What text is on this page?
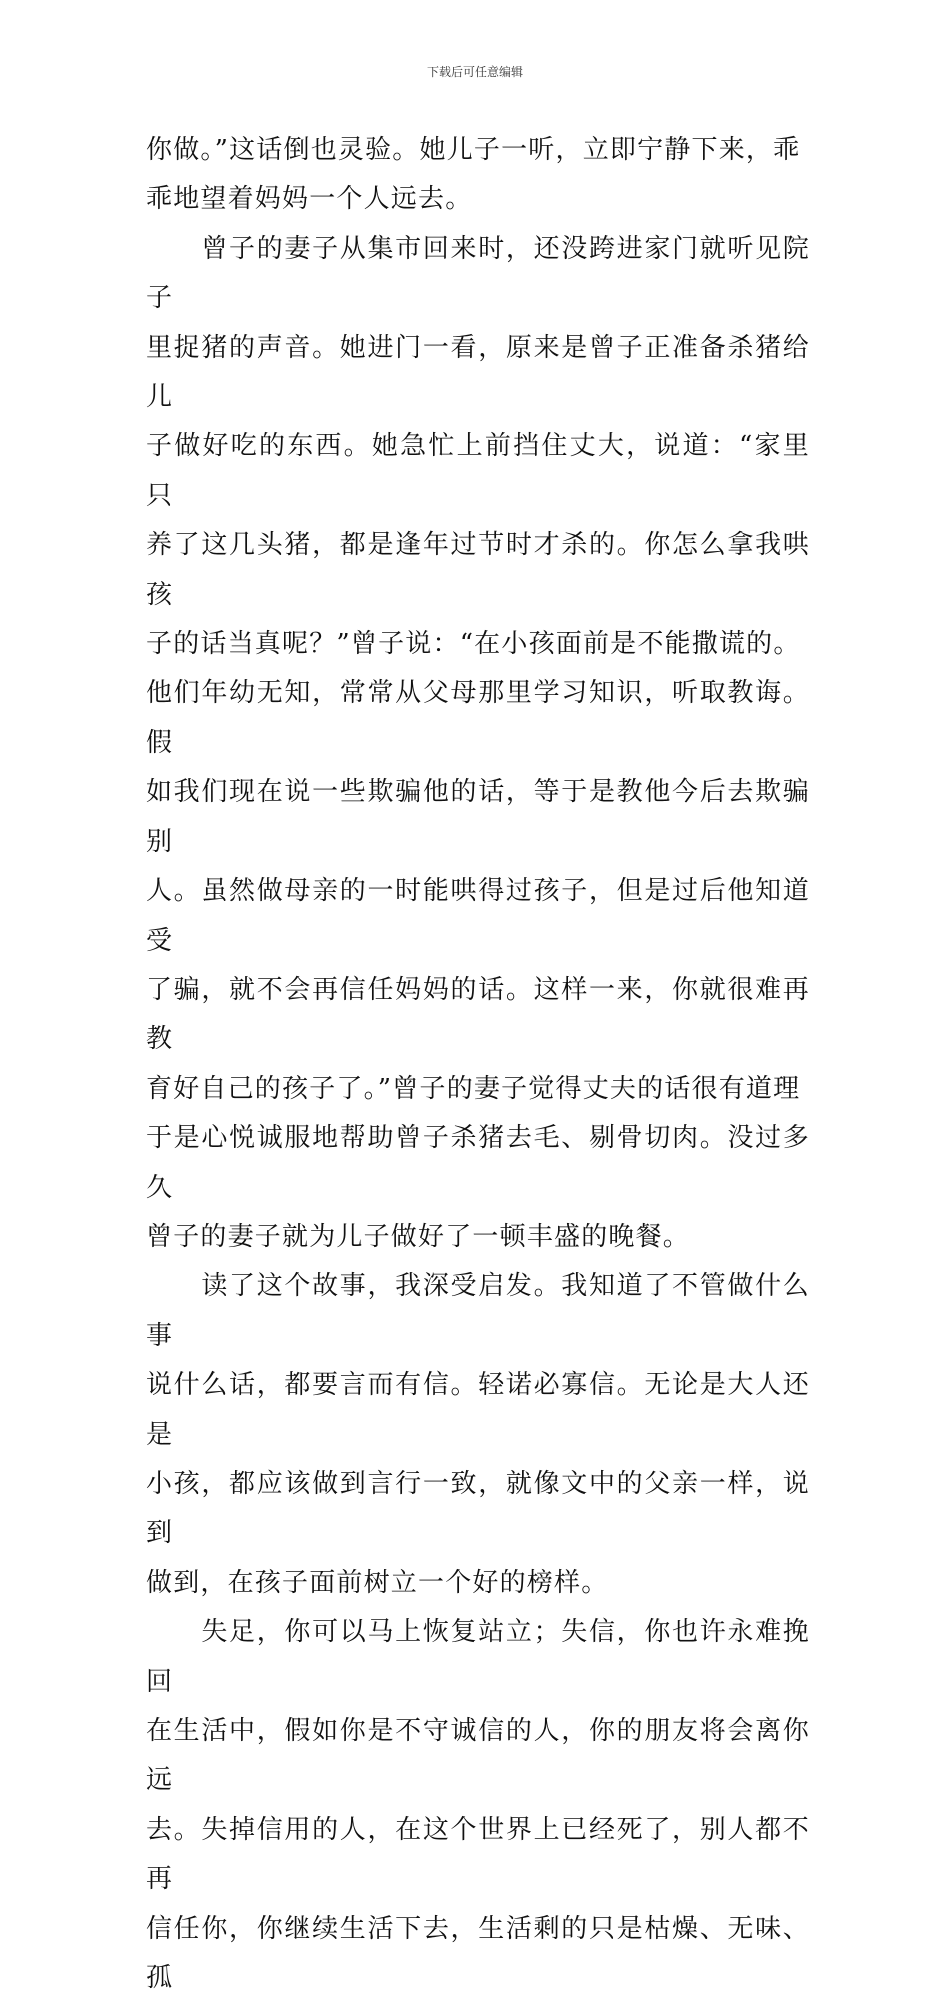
下载后可任意编辑

你做。”这话倒也灵验。她儿子一听，立即宁静下来，乖
乖地望着妈妈一个人远去。

　　曾子的妻子从集市回来时，还没跨进家门就听见院子
里捉猪的声音。她进门一看，原来是曾子正准备杀猪给儿
子做好吃的东西。她急忙上前挡住丈大，说道：“家里只
养了这几头猪，都是逢年过节时才杀的。你怎么拿我哄孩
子的话当真呢？”曾子说：“在小孩面前是不能撒谎的。
他们年幼无知，常常从父母那里学习知识，听取教诲。假
如我们现在说一些欺骗他的话，等于是教他今后去欺骗别
人。虽然做母亲的一时能哄得过孩子，但是过后他知道受
了骗，就不会再信任妈妈的话。这样一来，你就很难再教
育好自己的孩子了。”曾子的妻子觉得丈夫的话很有道理
于是心悦诚服地帮助曾子杀猪去毛、剔骨切肉。没过多久
曾子的妻子就为儿子做好了一顿丰盛的晚餐。

　　读了这个故事，我深受启发。我知道了不管做什么事
说什么话，都要言而有信。轻诺必寡信。无论是大人还是
小孩，都应该做到言行一致，就像文中的父亲一样，说到
做到，在孩子面前树立一个好的榜样。

　　失足，你可以马上恢复站立；失信，你也许永难挽回
在生活中，假如你是不守诚信的人，你的朋友将会离你远
去。失掉信用的人，在这个世界上已经死了，别人都不再
信任你，你继续生活下去，生活剩的只是枯燥、无味、孤
